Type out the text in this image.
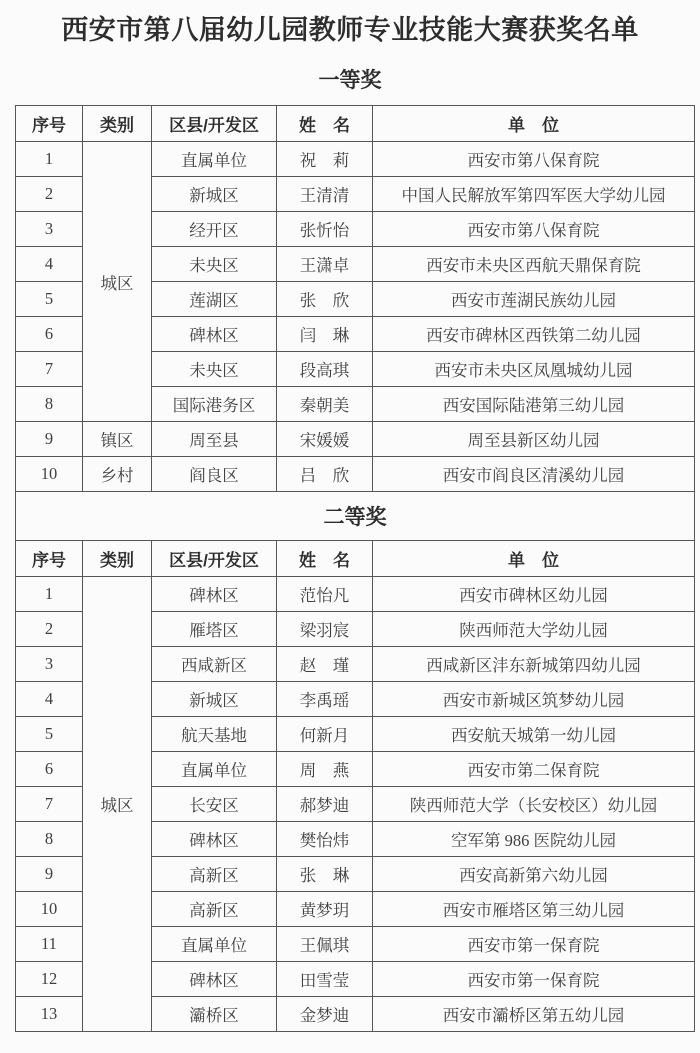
西安市第八届幼儿园教师专业技能大赛获奖名单
一等奖
序号	类别	区县/开发区	姓　名	单　位
1	城区	直属单位	祝　莉	西安市第八保育院
2		新城区	王清清	中国人民解放军第四军医大学幼儿园
3		经开区	张忻怡	西安市第八保育院
4		未央区	王潇卓	西安市未央区西航天鼎保育院
5		莲湖区	张　欣	西安市莲湖民族幼儿园
6		碑林区	闫　琳	西安市碑林区西铁第二幼儿园
7		未央区	段高琪	西安市未央区凤凰城幼儿园
8		国际港务区	秦朝美	西安国际陆港第三幼儿园
9	镇区	周至县	宋媛媛	周至县新区幼儿园
10	乡村	阎良区	吕　欣	西安市阎良区清溪幼儿园
二等奖				
序号	类别	区县/开发区	姓　名	单　位
1	城区	碑林区	范怡凡	西安市碑林区幼儿园
2		雁塔区	梁羽宸	陕西师范大学幼儿园
3		西咸新区	赵　瑾	西咸新区沣东新城第四幼儿园
4		新城区	李禹瑶	西安市新城区筑梦幼儿园
5		航天基地	何新月	西安航天城第一幼儿园
6		直属单位	周　燕	西安市第二保育院
7		长安区	郝梦迪	陕西师范大学（长安校区）幼儿园
8		碑林区	樊怡炜	空军第 986 医院幼儿园
9		高新区	张　琳	西安高新第六幼儿园
10		高新区	黄梦玥	西安市雁塔区第三幼儿园
11		直属单位	王佩琪	西安市第一保育院
12		碑林区	田雪莹	西安市第一保育院
13		灞桥区	金梦迪	西安市灞桥区第五幼儿园
